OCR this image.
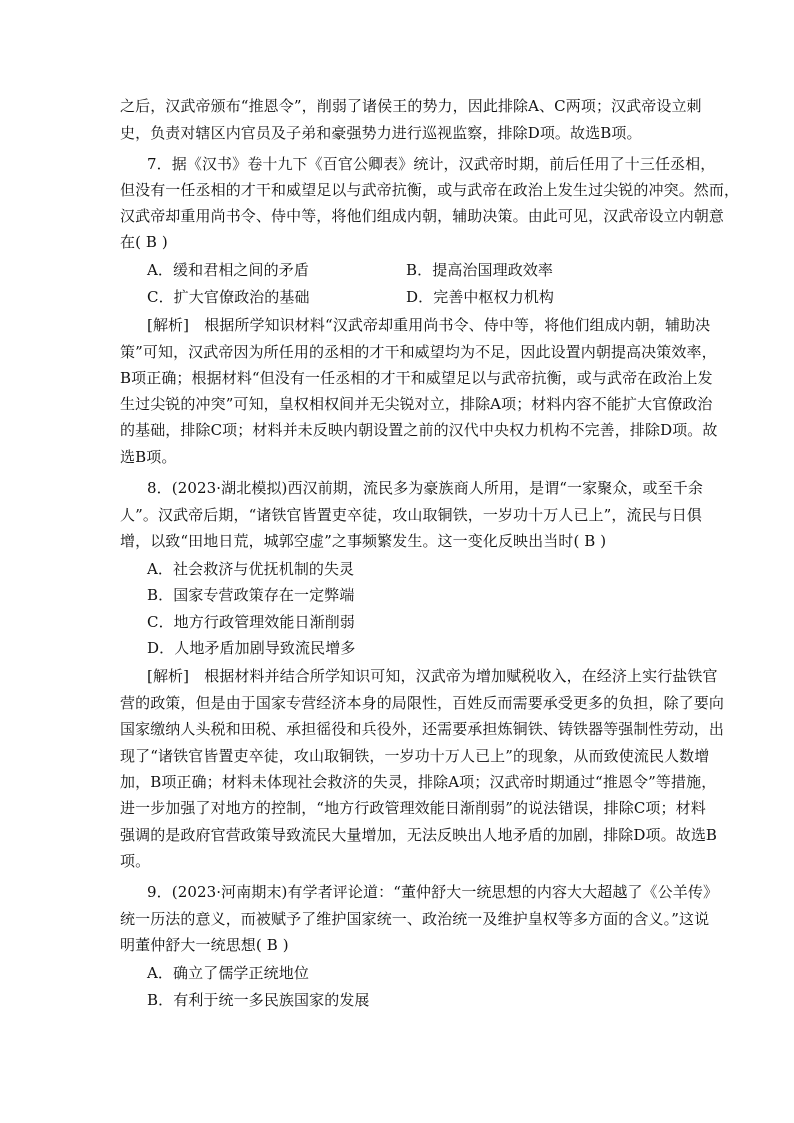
之后，汉武帝颁布“推恩令”，削弱了诸侯王的势力，因此排除A、C两项；汉武帝设立刺
史，负责对辖区内官员及子弟和豪强势力进行巡视监察，排除D项。故选B项。
7．据《汉书》卷十九下《百官公卿表》统计，汉武帝时期，前后任用了十三任丞相，
但没有一任丞相的才干和威望足以与武帝抗衡，或与武帝在政治上发生过尖锐的冲突。然而，
汉武帝却重用尚书令、侍中等，将他们组成内朝，辅助决策。由此可见，汉武帝设立内朝意
在( B )
A．缓和君相之间的矛盾	B．提高治国理政效率
C．扩大官僚政治的基础	D．完善中枢权力机构
[解析]　根据所学知识材料“汉武帝却重用尚书令、侍中等，将他们组成内朝，辅助决
策”可知，汉武帝因为所任用的丞相的才干和威望均为不足，因此设置内朝提高决策效率，
B项正确；根据材料“但没有一任丞相的才干和威望足以与武帝抗衡，或与武帝在政治上发
生过尖锐的冲突”可知，皇权相权间并无尖锐对立，排除A项；材料内容不能扩大官僚政治
的基础，排除C项；材料并未反映内朝设置之前的汉代中央权力机构不完善，排除D项。故
选B项。
8．(2023·湖北模拟)西汉前期，流民多为豪族商人所用，是谓“一家聚众，或至千余
人”。汉武帝后期，“诸铁官皆置吏卒徒，攻山取铜铁，一岁功十万人已上”，流民与日俱
增，以致“田地日荒，城郭空虚”之事频繁发生。这一变化反映出当时( B )
A．社会救济与优抚机制的失灵
B．国家专营政策存在一定弊端
C．地方行政管理效能日渐削弱
D．人地矛盾加剧导致流民增多
[解析]　根据材料并结合所学知识可知，汉武帝为增加赋税收入，在经济上实行盐铁官
营的政策，但是由于国家专营经济本身的局限性，百姓反而需要承受更多的负担，除了要向
国家缴纳人头税和田税、承担徭役和兵役外，还需要承担炼铜铁、铸铁器等强制性劳动，出
现了“诸铁官皆置吏卒徒，攻山取铜铁，一岁功十万人已上”的现象，从而致使流民人数增
加，B项正确；材料未体现社会救济的失灵，排除A项；汉武帝时期通过“推恩令”等措施，
进一步加强了对地方的控制，“地方行政管理效能日渐削弱”的说法错误，排除C项；材料
强调的是政府官营政策导致流民大量增加，无法反映出人地矛盾的加剧，排除D项。故选B
项。
9．(2023·河南期末)有学者评论道：“董仲舒大一统思想的内容大大超越了《公羊传》
统一历法的意义，而被赋予了维护国家统一、政治统一及维护皇权等多方面的含义。”这说
明董仲舒大一统思想( B )
A．确立了儒学正统地位
B．有利于统一多民族国家的发展
